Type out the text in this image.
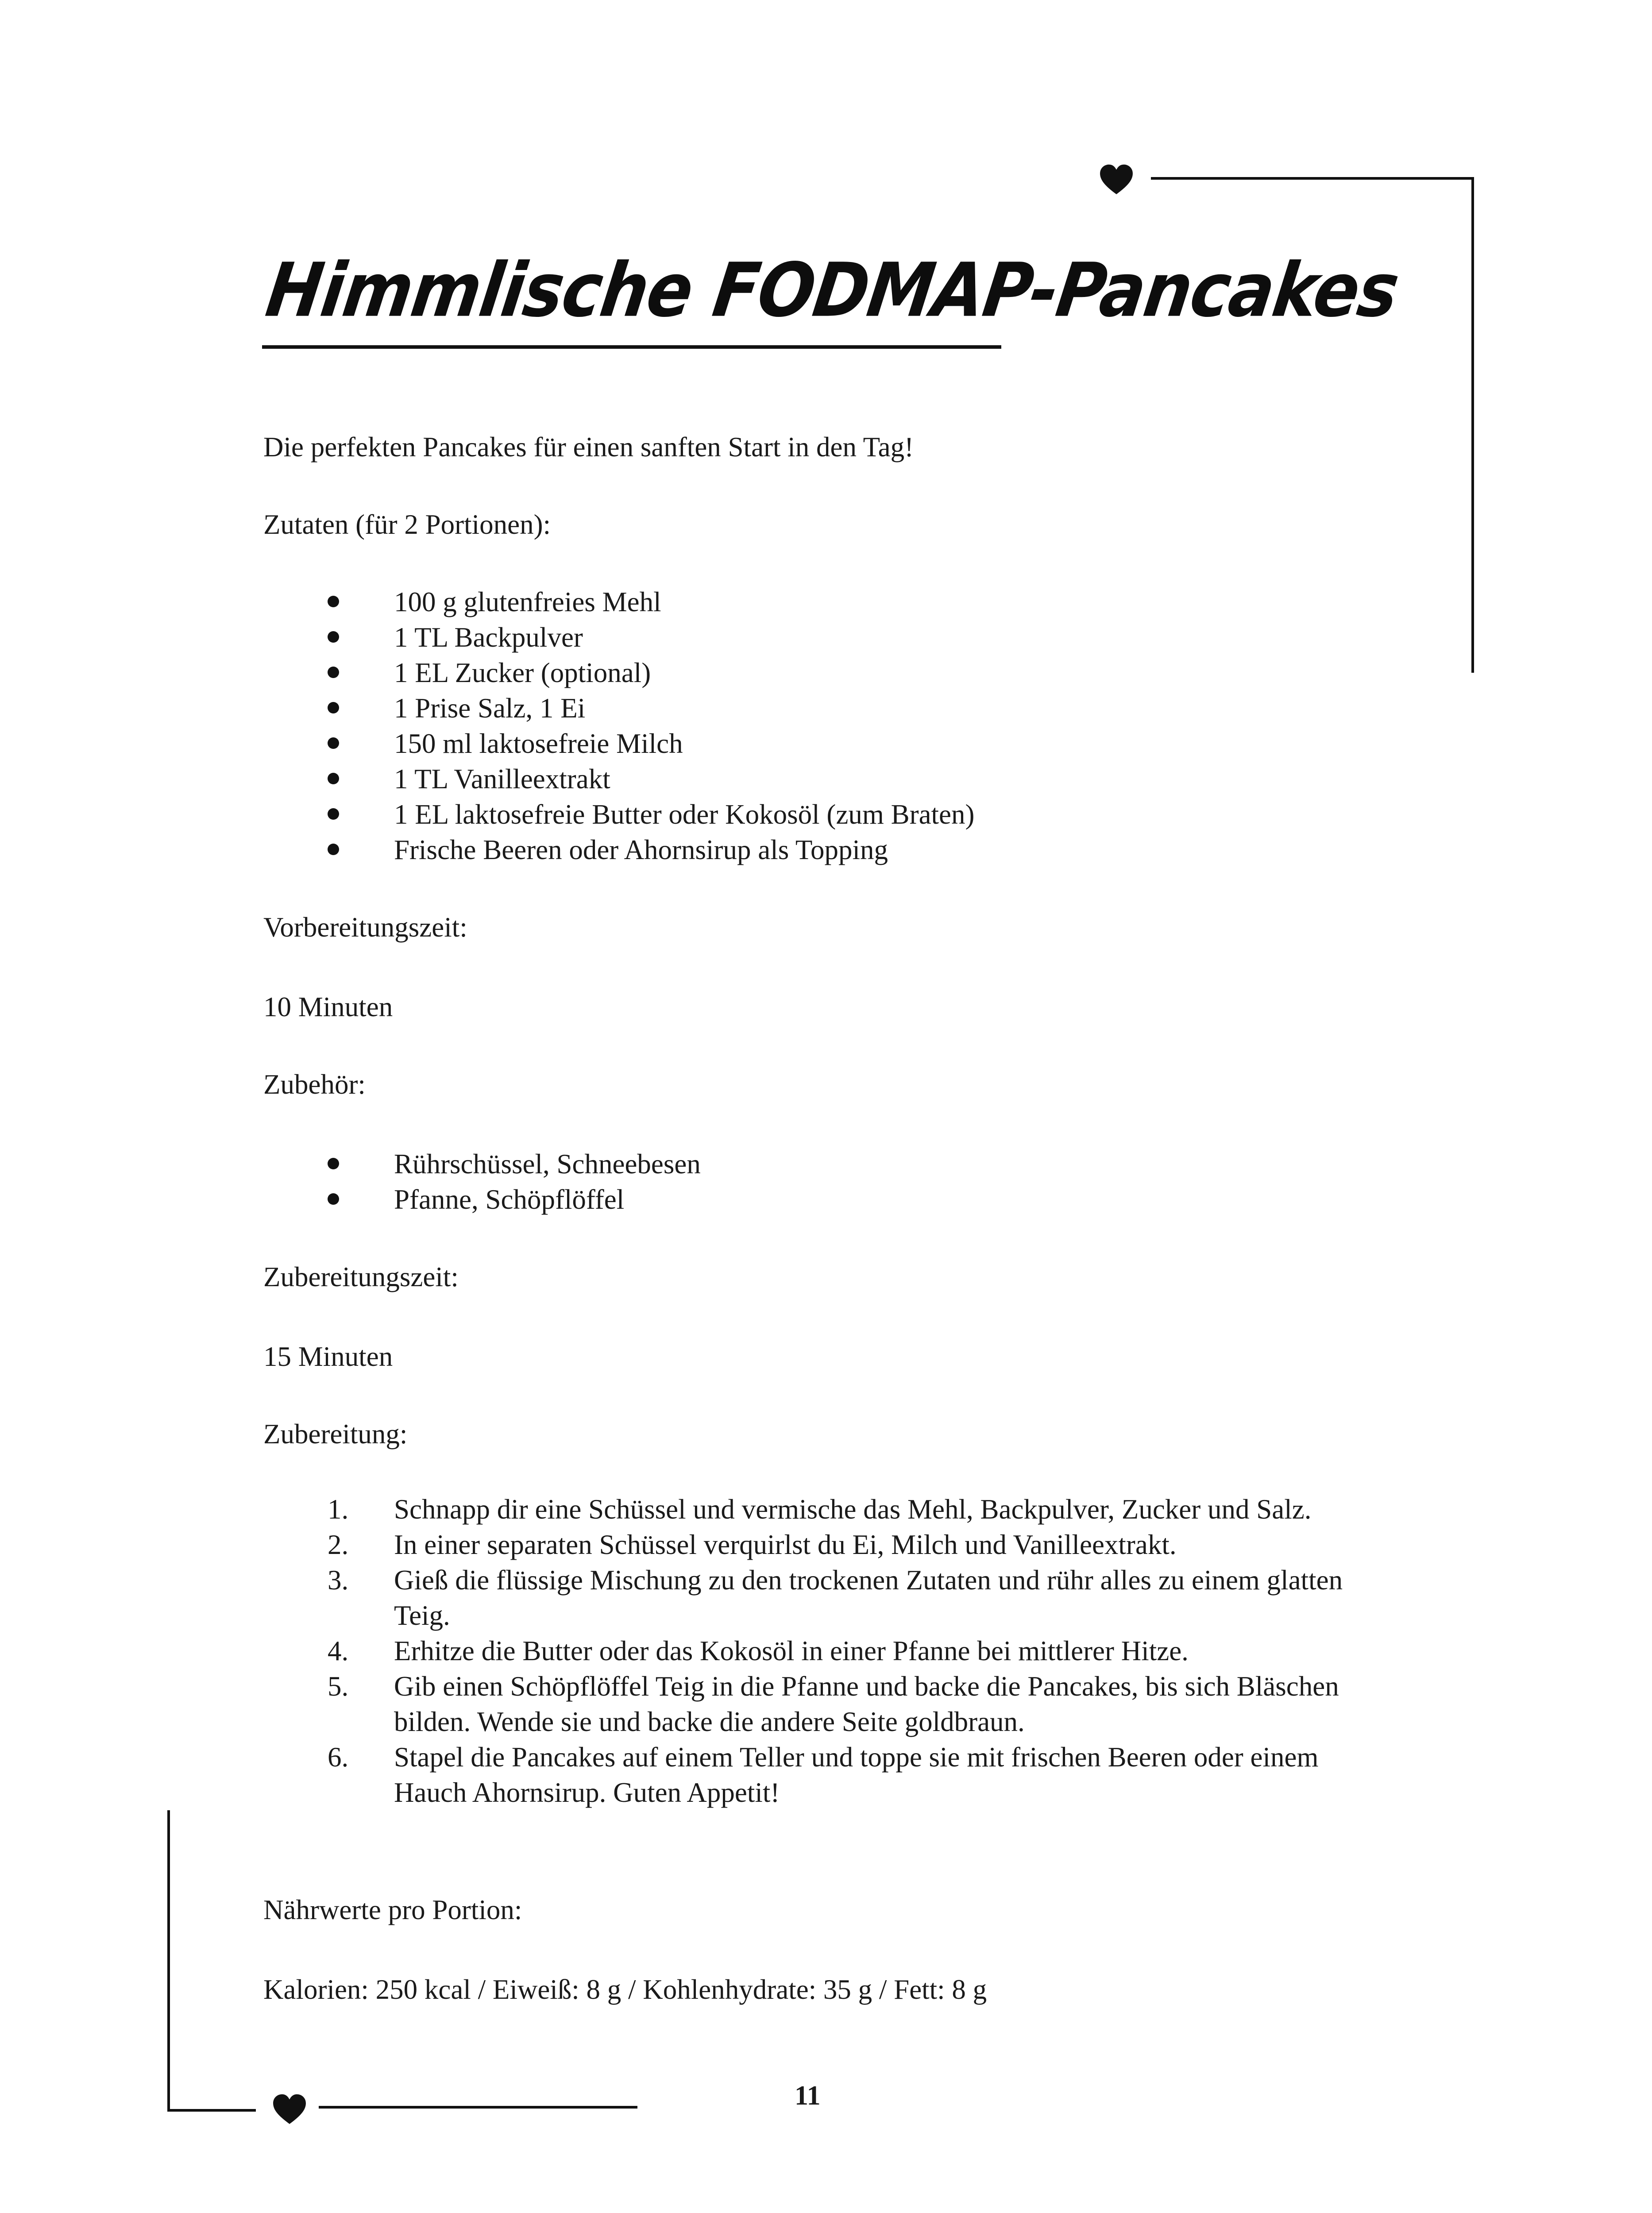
Himmlische FODMAP-Pancakes
Die perfekten Pancakes für einen sanften Start in den Tag!
Zutaten (für 2 Portionen):
100 g glutenfreies Mehl
1 TL Backpulver
1 EL Zucker (optional)
1 Prise Salz, 1 Ei
150 ml laktosefreie Milch
1 TL Vanilleextrakt
1 EL laktosefreie Butter oder Kokosöl (zum Braten)
Frische Beeren oder Ahornsirup als Topping
Vorbereitungszeit:
10 Minuten
Zubehör:
Rührschüssel, Schneebesen
Pfanne, Schöpflöffel
Zubereitungszeit:
15 Minuten
Zubereitung:
1. Schnapp dir eine Schüssel und vermische das Mehl, Backpulver, Zucker und Salz.
2. In einer separaten Schüssel verquirlst du Ei, Milch und Vanilleextrakt.
3. Gieß die flüssige Mischung zu den trockenen Zutaten und rühr alles zu einem glatten Teig.
4. Erhitze die Butter oder das Kokosöl in einer Pfanne bei mittlerer Hitze.
5. Gib einen Schöpflöffel Teig in die Pfanne und backe die Pancakes, bis sich Bläschen bilden. Wende sie und backe die andere Seite goldbraun.
6. Stapel die Pancakes auf einem Teller und toppe sie mit frischen Beeren oder einem Hauch Ahornsirup. Guten Appetit!
Nährwerte pro Portion:
Kalorien: 250 kcal / Eiweiß: 8 g / Kohlenhydrate: 35 g / Fett: 8 g
11
